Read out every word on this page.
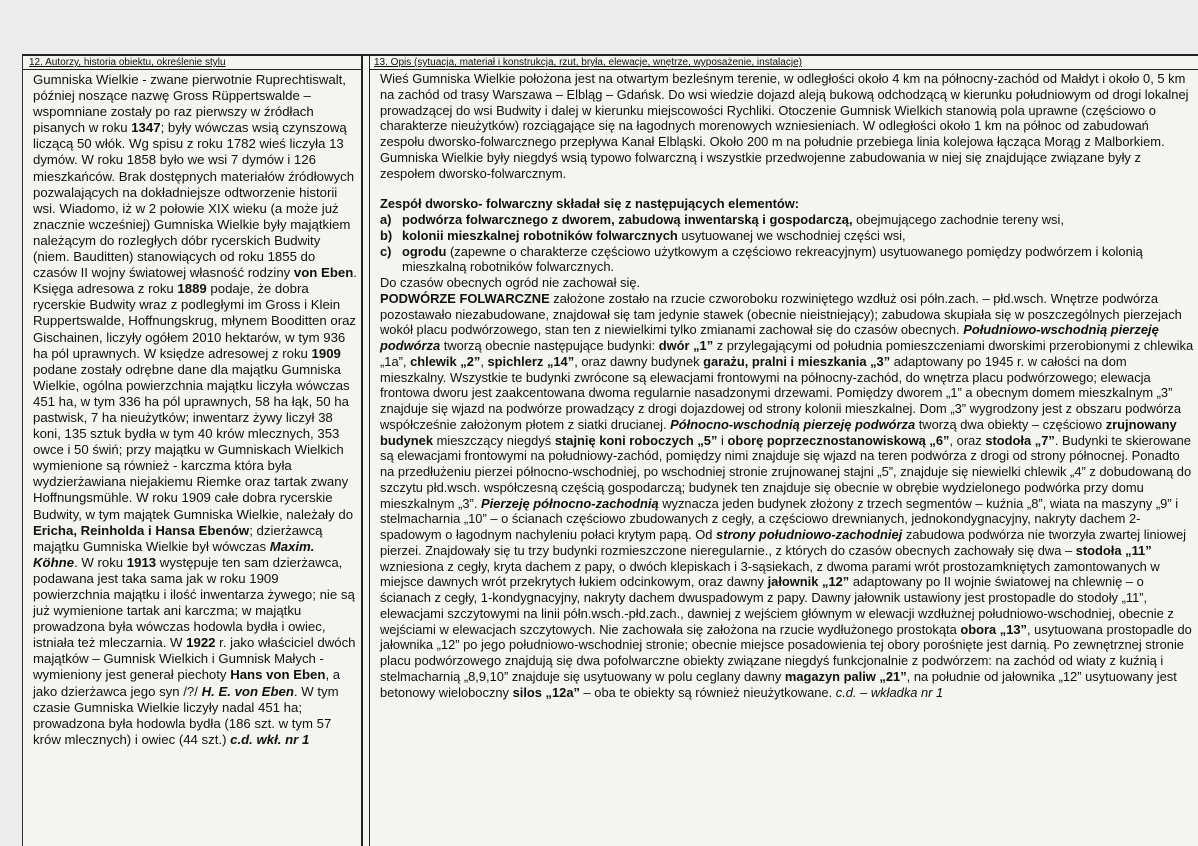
12. Autorzy, historia obiektu, określenie stylu

Gumniska Wielkie - zwane pierwotnie Ruprechtiswalt, później noszące nazwę Gross Rüppertswalde – wspomniane zostały po raz pierwszy w źródłach pisanych w roku 1347; były wówczas wsią czynszową liczącą 50 włók. Wg spisu z roku 1782 wieś liczyła 13 dymów. W roku 1858 było we wsi 7 dymów i 126 mieszkańców. Brak dostępnych materiałów źródłowych pozwalających na dokładniejsze odtworzenie historii wsi. Wiadomo, iż w 2 połowie XIX wieku (a może już znacznie wcześniej) Gumniska Wielkie były majątkiem należącym do rozległych dóbr rycerskich Budwity (niem. Bauditten) stanowiących od roku 1855 do czasów II wojny światowej własność rodziny von Eben. Księga adresowa z roku 1889 podaje, że dobra rycerskie Budwity wraz z podległymi im Gross i Klein Ruppertswalde, Hoffnungskrug, młynem Booditten oraz Gischainen, liczyły ogółem 2010 hektarów, w tym 936 ha pól uprawnych. W księdze adresowej z roku 1909 podane zostały odrębne dane dla majątku Gumniska Wielkie, ogólna powierzchnia majątku liczyła wówczas 451 ha, w tym 336 ha pól uprawnych, 58 ha łąk, 50 ha pastwisk, 7 ha nieużytków; inwentarz żywy liczył 38 koni, 135 sztuk bydła w tym 40 krów mlecznych, 353 owce i 50 świń; przy majątku w Gumniskach Wielkich wymienione są również - karczma która była wydzierżawiana niejakiemu Riemke oraz tartak zwany Hoffnungsmühle. W roku 1909 całe dobra rycerskie Budwity, w tym majątek Gumniska Wielkie, należały do Ericha, Reinholda i Hansa Ebenów; dzierżawcą majątku Gumniska Wielkie był wówczas Maxim. Köhne. W roku 1913 występuje ten sam dzierżawca, podawana jest taka sama jak w roku 1909 powierzchnia majątku i ilość inwentarza żywego; nie są już wymienione tartak ani karczma; w majątku prowadzona była wówczas hodowla bydła i owiec, istniała też mleczarnia. W 1922 r. jako właściciel dwóch majątków – Gumnisk Wielkich i Gumnisk Małych - wymieniony jest generał piechoty Hans von Eben, a jako dzierżawca jego syn /?/ H. E. von Eben. W tym czasie Gumniska Wielkie liczyły nadal 451 ha; prowadzona była hodowla bydła (186 szt. w tym 57 krów mlecznych) i owiec (44 szt.) c.d. wkł. nr 1

13. Opis (sytuacja, materiał i konstrukcja, rzut, bryła, elewacje, wnętrze, wyposażenie, instalacje)

Wieś Gumniska Wielkie położona jest na otwartym bezleśnym terenie, w odległości około 4 km na północny-zachód od Małdyt i około 0, 5 km na zachód od trasy Warszawa – Elbląg – Gdańsk. Do wsi wiedzie dojazd aleją bukową odchodzącą w kierunku południowym od drogi lokalnej prowadzącej do wsi Budwity i dalej w kierunku miejscowości Rychliki. Otoczenie Gumnisk Wielkich stanowią pola uprawne (częściowo o charakterze nieużytków) rozciągające się na łagodnych morenowych wzniesieniach. W odległości około 1 km na północ od zabudowań zespołu dworsko-folwarcznego przepływa Kanał Elbląski. Około 200 m na południe przebiega linia kolejowa łącząca Morąg z Malborkiem.

Gumniska Wielkie były niegdyś wsią typowo folwarczną i wszystkie przedwojenne zabudowania w niej się znajdujące związane były z zespołem dworsko-folwarcznym.

Zespół dworsko- folwarczny składał się z następujących elementów:

a) podwórza folwarcznego z dworem, zabudową inwentarską i gospodarczą, obejmującego zachodnie tereny wsi,

b) kolonii mieszkalnej robotników folwarcznych usytuowanej we wschodniej części wsi,

c) ogrodu (zapewne o charakterze częściowo użytkowym a częściowo rekreacyjnym) usytuowanego pomiędzy podwórzem i kolonią mieszkalną robotników folwarcznych.

Do czasów obecnych ogród nie zachował się.

PODWÓRZE FOLWARCZNE założone zostało na rzucie czworoboku rozwiniętego wzdłuż osi półn.zach. – płd.wsch. Wnętrze podwórza pozostawało niezabudowane, znajdował się tam jedynie stawek (obecnie nieistniejący); zabudowa skupiała się w poszczególnych pierzejach wokół placu podwórzowego, stan ten z niewielkimi tylko zmianami zachował się do czasów obecnych. Południowo-wschodnią pierzeję podwórza tworzą obecnie następujące budynki: dwór „1” z przylegającymi od południa pomieszczeniami dworskimi przerobionymi z chlewika „1a”, chlewik „2”, spichlerz „14”, oraz dawny budynek garażu, pralni i mieszkania „3” adaptowany po 1945 r. w całości na dom mieszkalny. Wszystkie te budynki zwrócone są elewacjami frontowymi na północny-zachód, do wnętrza placu podwórzowego; elewacja frontowa dworu jest zaakcentowana dwoma regularnie nasadzonymi drzewami. Pomiędzy dworem „1” a obecnym domem mieszkalnym „3” znajduje się wjazd na podwórze prowadzący z drogi dojazdowej od strony kolonii mieszkalnej. Dom „3” wygrodzony jest z obszaru podwórza współcześnie założonym płotem z siatki drucianej. Północno-wschodnią pierzeję podwórza tworzą dwa obiekty – częściowo zrujnowany budynek mieszczący niegdyś stajnię koni roboczych „5” i oborę poprzecznostanowiskową „6”, oraz stodoła „7”. Budynki te skierowane są elewacjami frontowymi na południowy-zachód, pomiędzy nimi znajduje się wjazd na teren podwórza z drogi od strony północnej. Ponadto na przedłużeniu pierzei północno-wschodniej, po wschodniej stronie zrujnowanej stajni „5”, znajduje się niewielki chlewik „4” z dobudowaną do szczytu płd.wsch. współczesną częścią gospodarczą; budynek ten znajduje się obecnie w obrębie wydzielonego podwórka przy domu mieszkalnym „3”. Pierzeję północno-zachodnią wyznacza jeden budynek złożony z trzech segmentów – kuźnia „8”, wiata na maszyny „9” i stelmacharnia „10” – o ścianach częściowo zbudowanych z cegły, a częściowo drewnianych, jednokondygnacyjny, nakryty dachem 2-spadowym o łagodnym nachyleniu połaci krytym papą. Od strony południowo-zachodniej zabudowa podwórza nie tworzyła zwartej liniowej pierzei. Znajdowały się tu trzy budynki rozmieszczone nieregularnie., z których do czasów obecnych zachowały się dwa – stodoła „11” wzniesiona z cegły, kryta dachem z papy, o dwóch klepiskach i 3-sąsiekach, z dwoma parami wrót prostozamkniętych zamontowanych w miejsce dawnych wrót przekrytych łukiem odcinkowym, oraz dawny jałownik „12” adaptowany po II wojnie światowej na chlewnię – o ścianach z cegły, 1-kondygnacyjny, nakryty dachem dwuspadowym z papy. Dawny jałownik ustawiony jest prostopadle do stodoły „11”, elewacjami szczytowymi na linii półn.wsch.-płd.zach., dawniej z wejściem głównym w elewacji wzdłużnej południowo-wschodniej, obecnie z wejściami w elewacjach szczytowych. Nie zachowała się założona na rzucie wydłużonego prostokąta obora „13”, usytuowana prostopadle do jałownika „12” po jego południowo-wschodniej stronie; obecnie miejsce posadowienia tej obory porośnięte jest darnią. Po zewnętrznej stronie placu podwórzowego znajdują się dwa pofolwarczne obiekty związane niegdyś funkcjonalnie z podwórzem: na zachód od wiaty z kuźnią i stelmacharnią „8,9,10” znajduje się usytuowany w polu ceglany dawny magazyn paliw „21”, na południe od jałownika „12” usytuowany jest betonowy wieloboczny silos „12a” – oba te obiekty są również nieużytkowane. c.d. – wkładka nr 1
